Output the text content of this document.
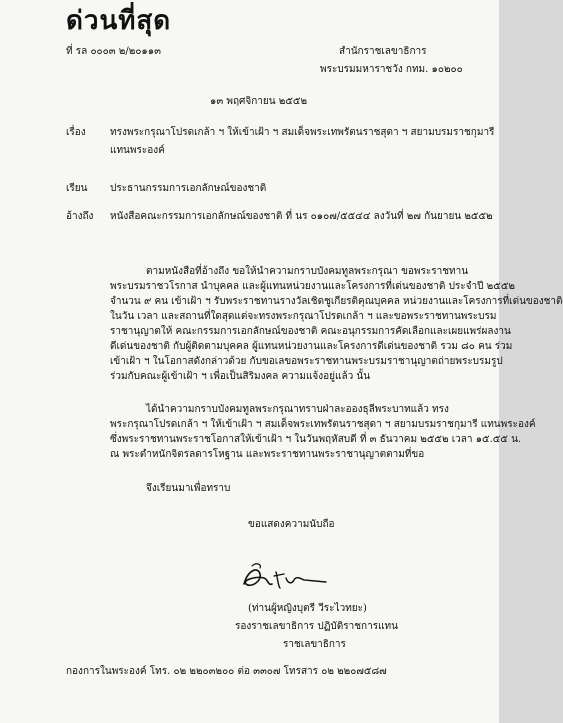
ด่วนที่สุด
ที่ รล ๐๐๐๓ ๒/๒๐๑๑๓	สำนักราชเลขาธิการ
พระบรมมหาราชวัง กทม. ๑๐๒๐๐
๑๓ พฤศจิกายน ๒๕๕๒
เรื่อง ทรงพระกรุณาโปรดเกล้า ฯ ให้เข้าเฝ้า ฯ สมเด็จพระเทพรัตนราชสุดา ฯ สยามบรมราชกุมารี
แทนพระองค์
เรียน ประธานกรรมการเอกลักษณ์ของชาติ
อ้างถึง หนังสือคณะกรรมการเอกลักษณ์ของชาติ ที่ นร ๐๑๐๗/๕๕๔๔ ลงวันที่ ๒๗ กันยายน ๒๕๕๒
ตามหนังสือที่อ้างถึง ขอให้นำความกราบบังคมทูลพระกรุณา ขอพระราชทาน
พระบรมราชวโรกาส นำบุคคล และผู้แทนหน่วยงานและโครงการที่เด่นของชาติ ประจำปี ๒๕๕๒
จำนวน ๙ คน เข้าเฝ้า ฯ รับพระราชทานรางวัลเชิดชูเกียรติคุณบุคคล หน่วยงานและโครงการที่เด่นของชาติ
ในวัน เวลา และสถานที่ใดสุดแต่จะทรงพระกรุณาโปรดเกล้า ฯ และขอพระราชทานพระบรม
ราชานุญาตให้ คณะกรรมการเอกลักษณ์ของชาติ คณะอนุกรรมการคัดเลือกและเผยแพร่ผลงาน
ดีเด่นของชาติ กับผู้ติดตามบุคคล ผู้แทนหน่วยงานและโครงการดีเด่นของชาติ รวม ๘๐ คน ร่วม
เข้าเฝ้า ฯ ในโอกาสดังกล่าวด้วย กับขอเลขอพระราชทานพระบรมราชานุญาตถ่ายพระบรมรูป
ร่วมกับคณะผู้เข้าเฝ้า ฯ เพื่อเป็นสิริมงคล ความแจ้งอยู่แล้ว นั้น
ได้นำความกราบบังคมทูลพระกรุณาทราบฝ่าละอองธุลีพระบาทแล้ว ทรง
พระกรุณาโปรดเกล้า ฯ ให้เข้าเฝ้า ฯ สมเด็จพระเทพรัตนราชสุดา ฯ สยามบรมราชกุมารี แทนพระองค์
ซึ่งพระราชทานพระราชโอกาสให้เข้าเฝ้า ฯ ในวันพฤหัสบดี ที่ ๓ ธันวาคม ๒๕๕๒ เวลา ๑๕.๕๕ น.
ณ พระตำหนักจิตรลดารโหฐาน และพระราชทานพระราชานุญาตตามที่ขอ
จึงเรียนมาเพื่อทราบ
ขอแสดงความนับถือ
(ท่านผู้หญิงบุตรี วีระไวทยะ)
รองราชเลขาธิการ ปฏิบัติราชการแทน
ราชเลขาธิการ
กองการในพระองค์ โทร. ๐๒ ๒๒๐๓๒๐๐ ต่อ ๓๓๐๗ โทรสาร ๐๒ ๒๒๐๗๕๘๗
